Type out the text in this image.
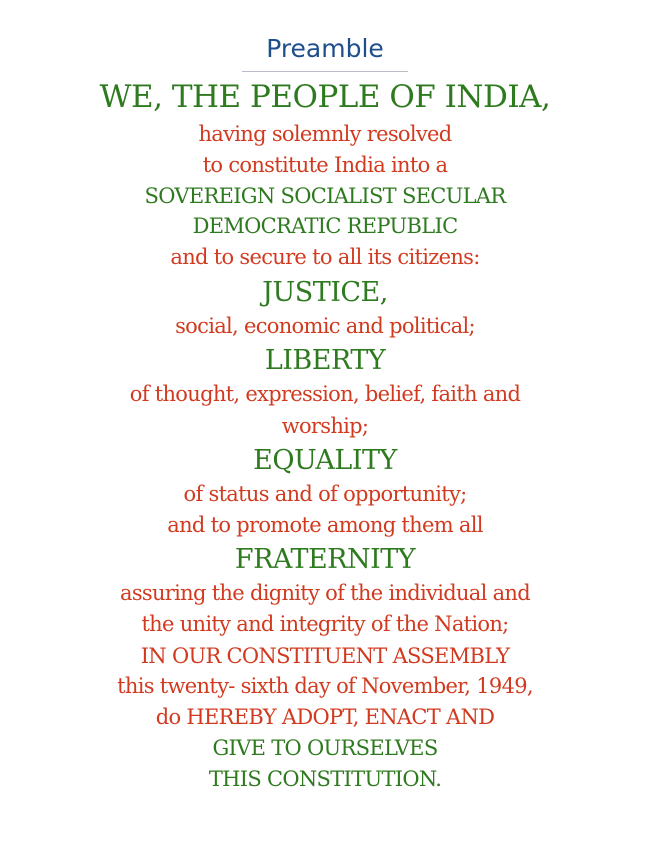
Preamble
WE, THE PEOPLE OF INDIA,
having solemnly resolved
to constitute India into a
SOVEREIGN SOCIALIST SECULAR
DEMOCRATIC REPUBLIC
and to secure to all its citizens:
JUSTICE,
social, economic and political;
LIBERTY
of thought, expression, belief, faith and
worship;
EQUALITY
of status and of opportunity;
and to promote among them all
FRATERNITY
assuring the dignity of the individual and
the unity and integrity of the Nation;
IN OUR CONSTITUENT ASSEMBLY
this twenty- sixth day of November, 1949,
do HEREBY ADOPT, ENACT AND
GIVE TO OURSELVES
THIS CONSTITUTION.
